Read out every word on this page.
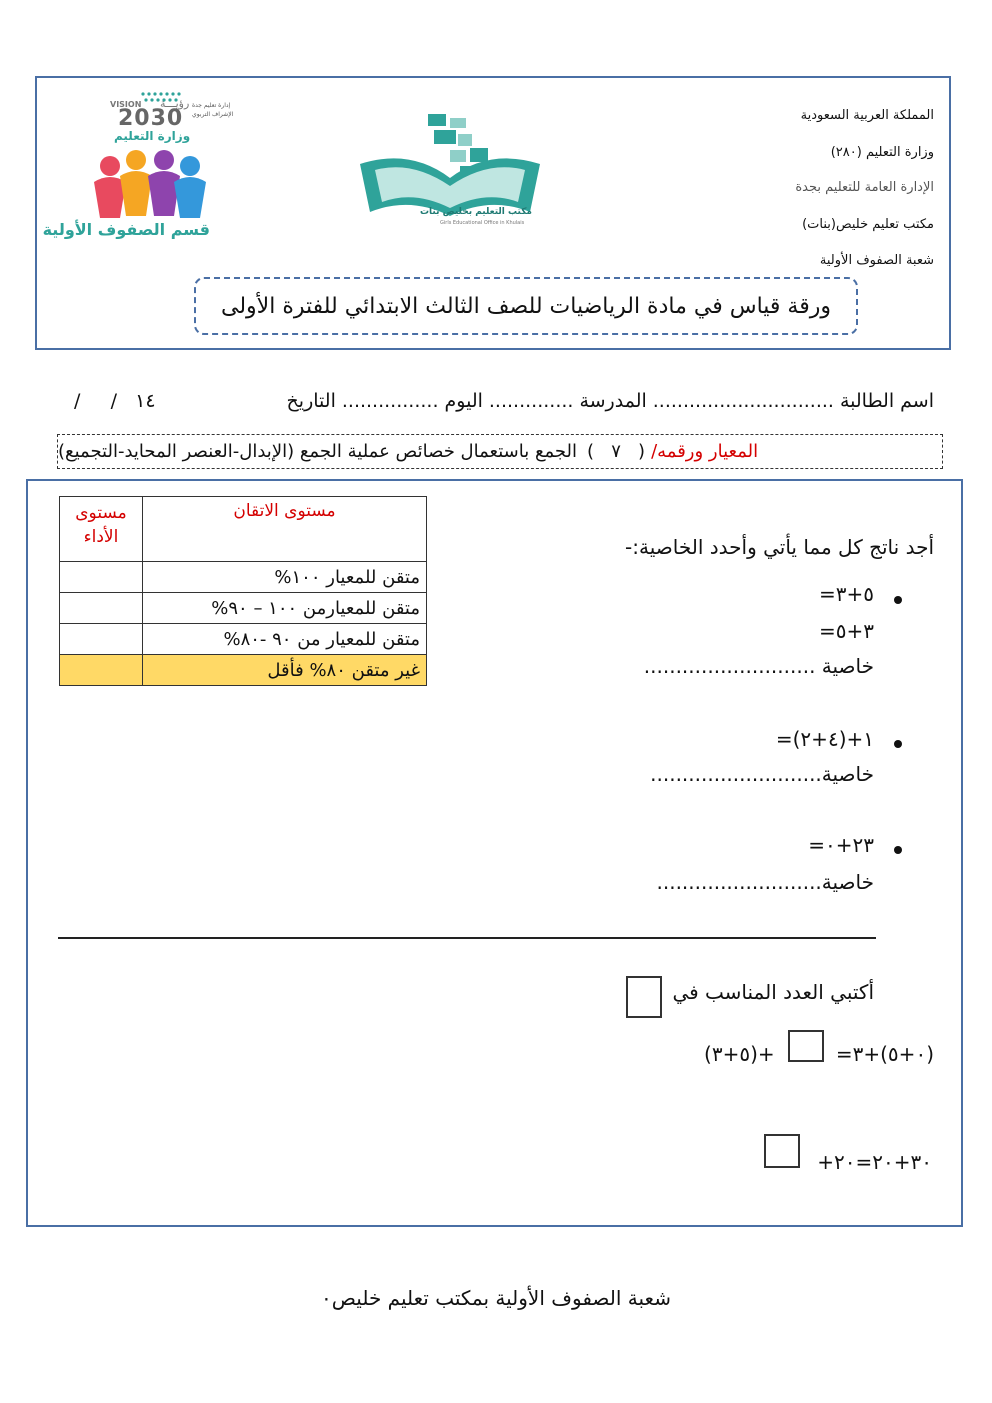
المملكة العربية السعودية
وزارة التعليم (٢٨٠)
الإدارة العامة للتعليم بجدة
مكتب تعليم خليص(بنات)
شعبة الصفوف الأولية
مكتب التعليم بخليص بنات
Girls Educational Office in Khulais
VISION رؤيـــة
2030
وزارة التعليم
إدارة تعليم جدة
الإشراف التربوي
قسم الصفوف الأولية
ورقة قياس في مادة الرياضيات للصف الثالث الابتدائي للفترة الأولى
اسم الطالبة..............................المدرسة..............اليوم................التاريخ
/     /   ١٤
المعيار ورقمه/
(   ٧   )
الجمع باستعمال خصائص عملية الجمع (الإبدال-العنصر المحايد-التجميع)
مستوى الاتقان	مستوى الأداء
متقن للمعيار ١٠٠%	
متقن للمعيارمن ١٠٠ – ٩٠%	
متقن للمعيار من ٩٠ -٨٠%	
غير متقن ٨٠% فأقل	
أجد ناتج كل مما يأتي وأحدد الخاصية:-
٥+٣=
٣+٥=
خاصية ...........................
١+(٤+٢)=
خاصية...........................
٢٣+٠=
خاصية..........................
أكتبي العدد المناسب في
(٠+٥)+٣=
+(٥+٣)
٣٠+٢٠=٢٠+
شعبة الصفوف الأولية بمكتب تعليم خليص٠
